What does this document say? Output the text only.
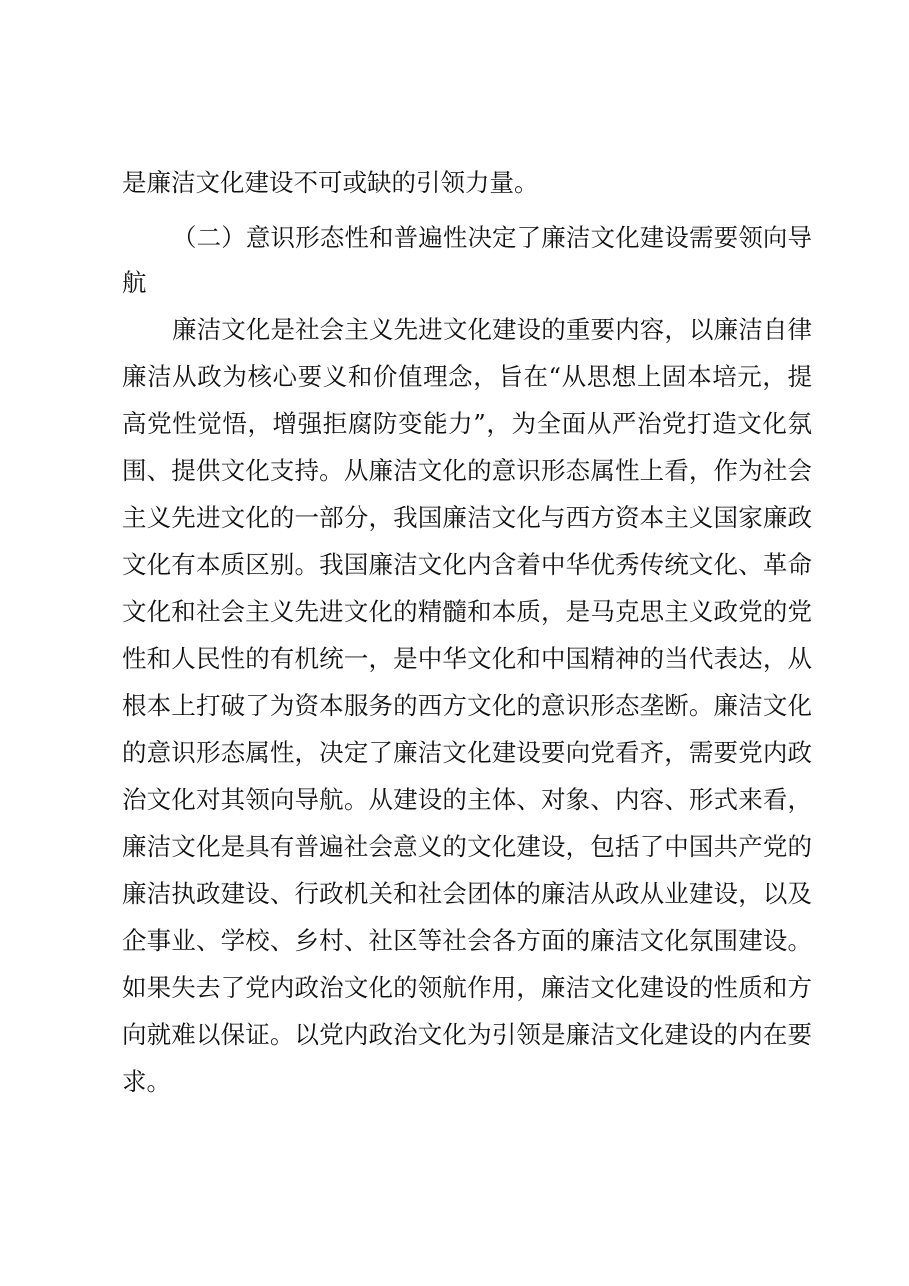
是廉洁文化建设不可或缺的引领力量。
（二）意识形态性和普遍性决定了廉洁文化建设需要领向导
航
廉洁文化是社会主义先进文化建设的重要内容，以廉洁自律
廉洁从政为核心要义和价值理念，旨在“从思想上固本培元，提
高党性觉悟，增强拒腐防变能力”，为全面从严治党打造文化氛
围、提供文化支持。从廉洁文化的意识形态属性上看，作为社会
主义先进文化的一部分，我国廉洁文化与西方资本主义国家廉政
文化有本质区别。我国廉洁文化内含着中华优秀传统文化、革命
文化和社会主义先进文化的精髓和本质，是马克思主义政党的党
性和人民性的有机统一，是中华文化和中国精神的当代表达，从
根本上打破了为资本服务的西方文化的意识形态垄断。廉洁文化
的意识形态属性，决定了廉洁文化建设要向党看齐，需要党内政
治文化对其领向导航。从建设的主体、对象、内容、形式来看，
廉洁文化是具有普遍社会意义的文化建设，包括了中国共产党的
廉洁执政建设、行政机关和社会团体的廉洁从政从业建设，以及
企事业、学校、乡村、社区等社会各方面的廉洁文化氛围建设。
如果失去了党内政治文化的领航作用，廉洁文化建设的性质和方
向就难以保证。以党内政治文化为引领是廉洁文化建设的内在要
求。
